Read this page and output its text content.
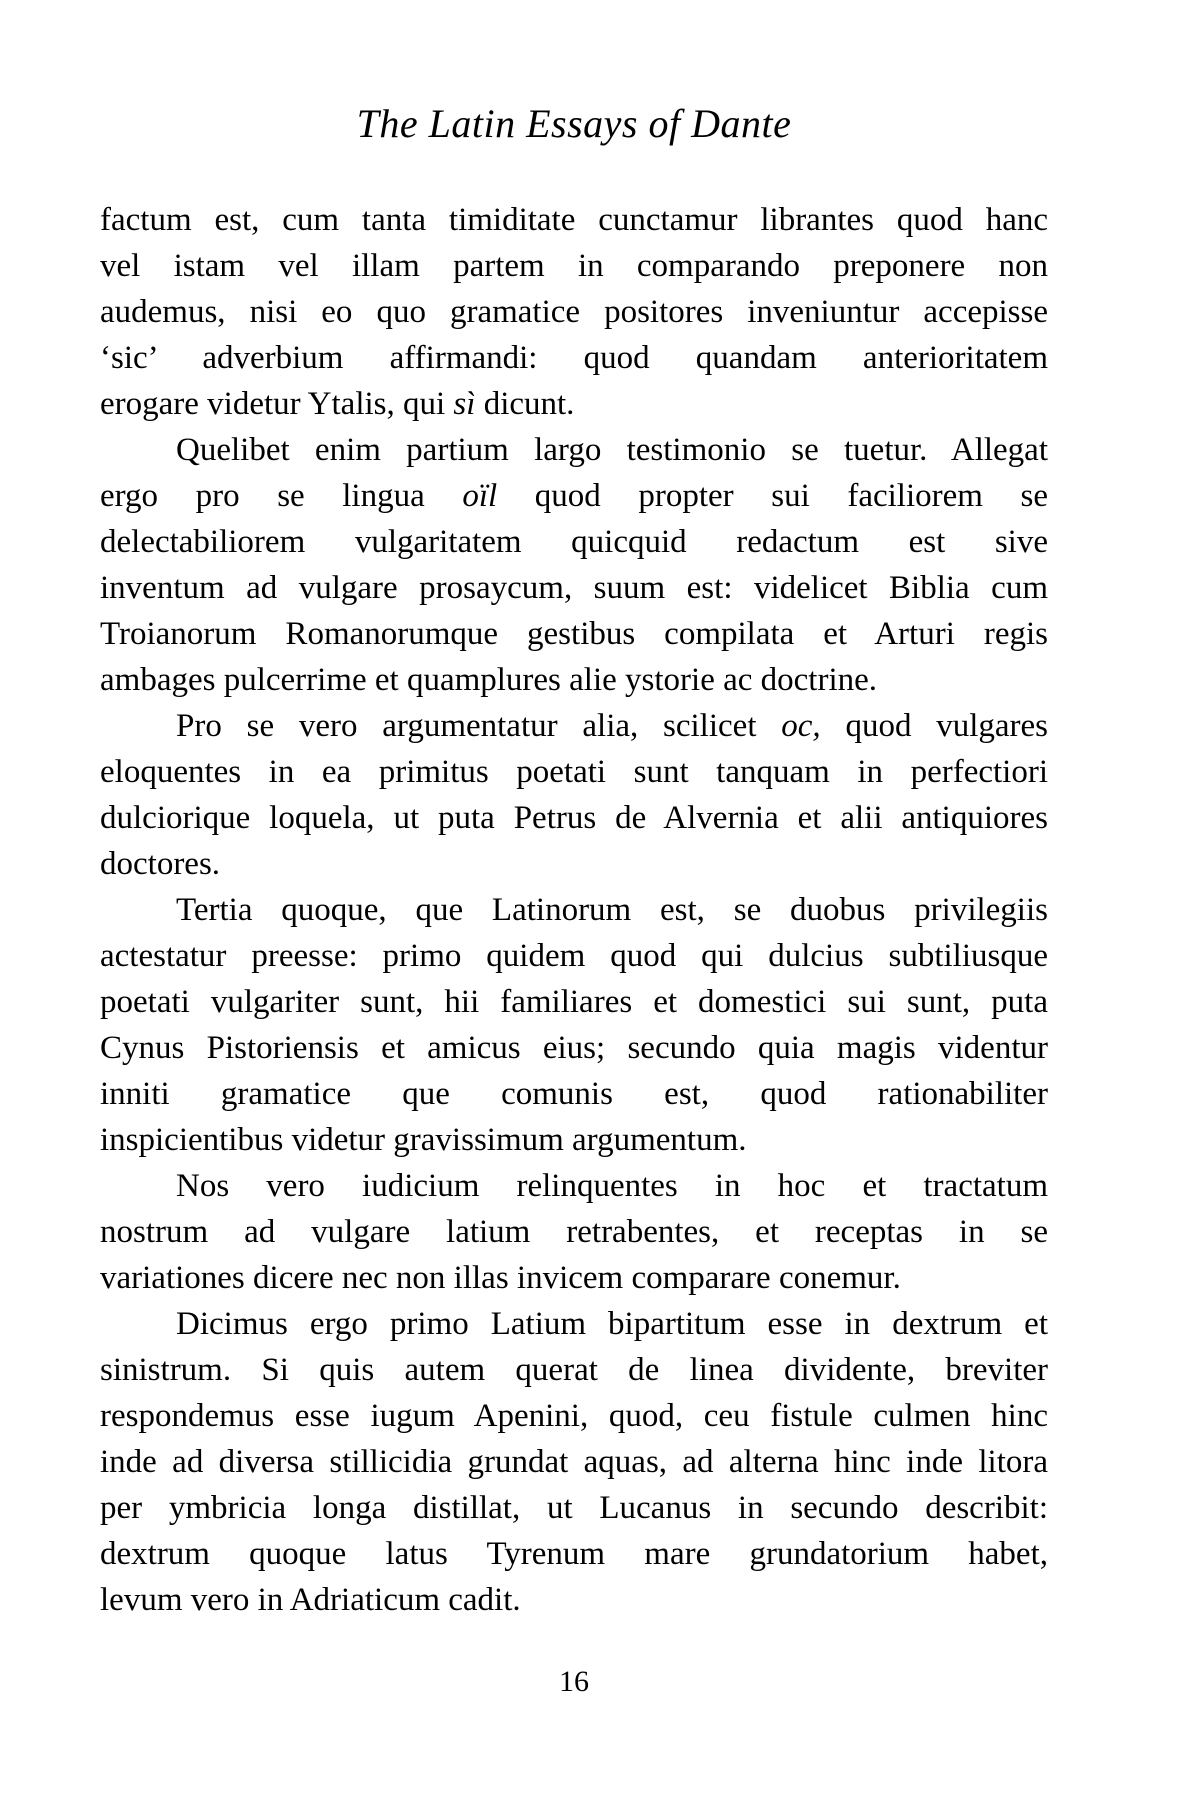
The Latin Essays of Dante
factum est, cum tanta timiditate cunctamur librantes quod hanc
vel istam vel illam partem in comparando preponere non
audemus, nisi eo quo gramatice positores inveniuntur accepisse
‘sic’ adverbium affirmandi: quod quandam anterioritatem
erogare videtur Ytalis, qui sì dicunt.
Quelibet enim partium largo testimonio se tuetur. Allegat
ergo pro se lingua oïl quod propter sui faciliorem se
delectabiliorem vulgaritatem quicquid redactum est sive
inventum ad vulgare prosaycum, suum est: videlicet Biblia cum
Troianorum Romanorumque gestibus compilata et Arturi regis
ambages pulcerrime et quamplures alie ystorie ac doctrine.
Pro se vero argumentatur alia, scilicet oc, quod vulgares
eloquentes in ea primitus poetati sunt tanquam in perfectiori
dulciorique loquela, ut puta Petrus de Alvernia et alii antiquiores
doctores.
Tertia quoque, que Latinorum est, se duobus privilegiis
actestatur preesse: primo quidem quod qui dulcius subtiliusque
poetati vulgariter sunt, hii familiares et domestici sui sunt, puta
Cynus Pistoriensis et amicus eius; secundo quia magis videntur
inniti gramatice que comunis est, quod rationabiliter
inspicientibus videtur gravissimum argumentum.
Nos vero iudicium relinquentes in hoc et tractatum
nostrum ad vulgare latium retrabentes, et receptas in se
variationes dicere nec non illas invicem comparare conemur.
Dicimus ergo primo Latium bipartitum esse in dextrum et
sinistrum. Si quis autem querat de linea dividente, breviter
respondemus esse iugum Apenini, quod, ceu fistule culmen hinc
inde ad diversa stillicidia grundat aquas, ad alterna hinc inde litora
per ymbricia longa distillat, ut Lucanus in secundo describit:
dextrum quoque latus Tyrenum mare grundatorium habet,
levum vero in Adriaticum cadit.
16
